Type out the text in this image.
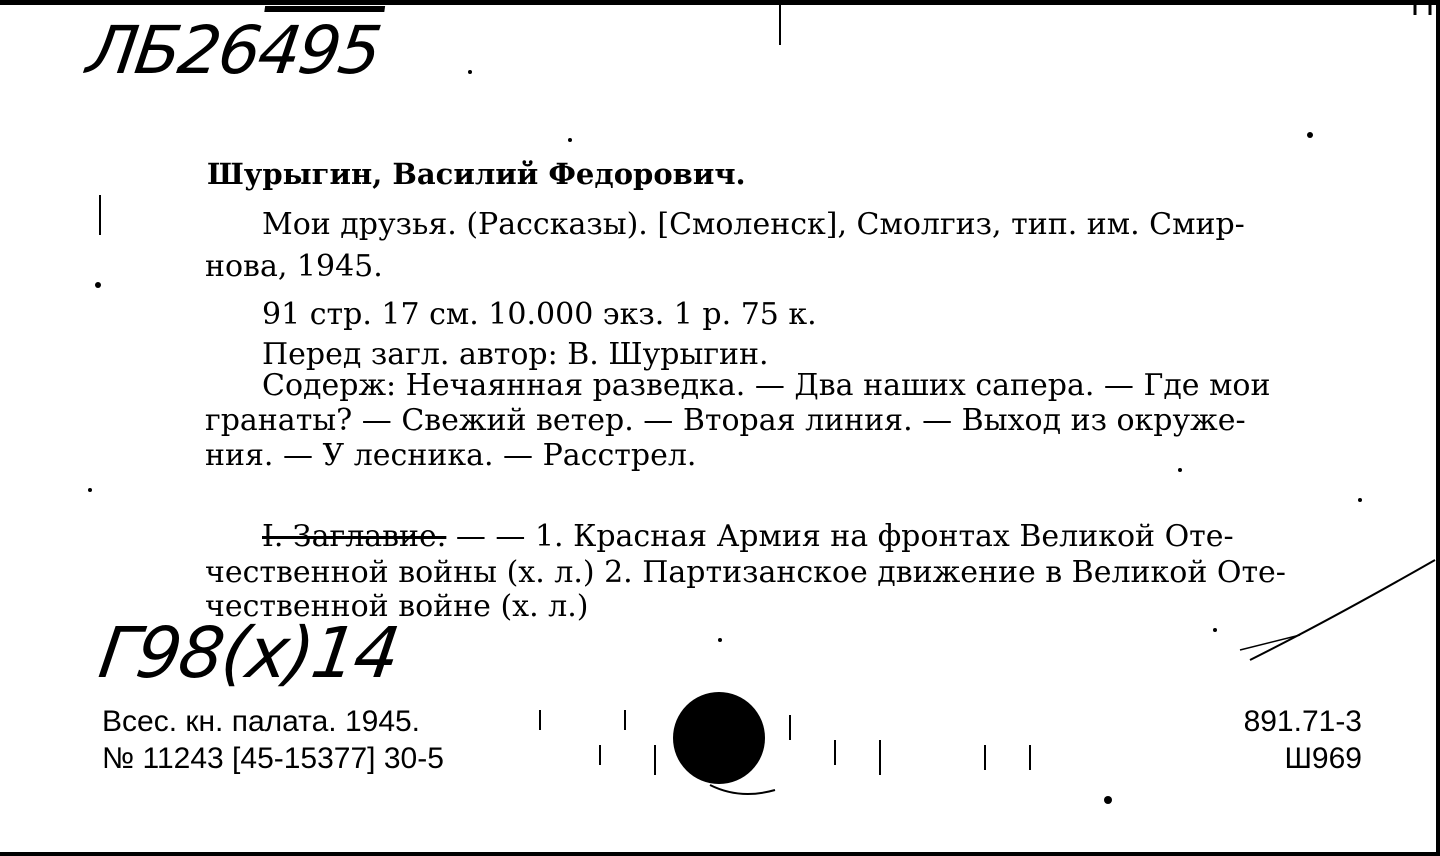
ЛБ26495
Шурыгин, Василий Федорович.
Мои друзья. (Рассказы). [Смоленск], Смолгиз, тип. им. Смир-
нова, 1945.
91 стр. 17 см. 10.000 экз. 1 р. 75 к.
Перед загл. автор: В. Шурыгин.
Содерж: Нечаянная разведка. — Два наших сапера. — Где мои
гранаты? — Свежий ветер. — Вторая линия. — Выход из окруже-
ния. — У лесника. — Расстрел.
I. Заглавие. — — 1. Красная Армия на фронтах Великой Оте-
чественной войны (х. л.) 2. Партизанское движение в Великой Оте-
чественной войне (х. л.)
Г98(х)14
Всес. кн. палата. 1945.
№ 11243 [45-15377] 30-5
891.71-3
Ш969
